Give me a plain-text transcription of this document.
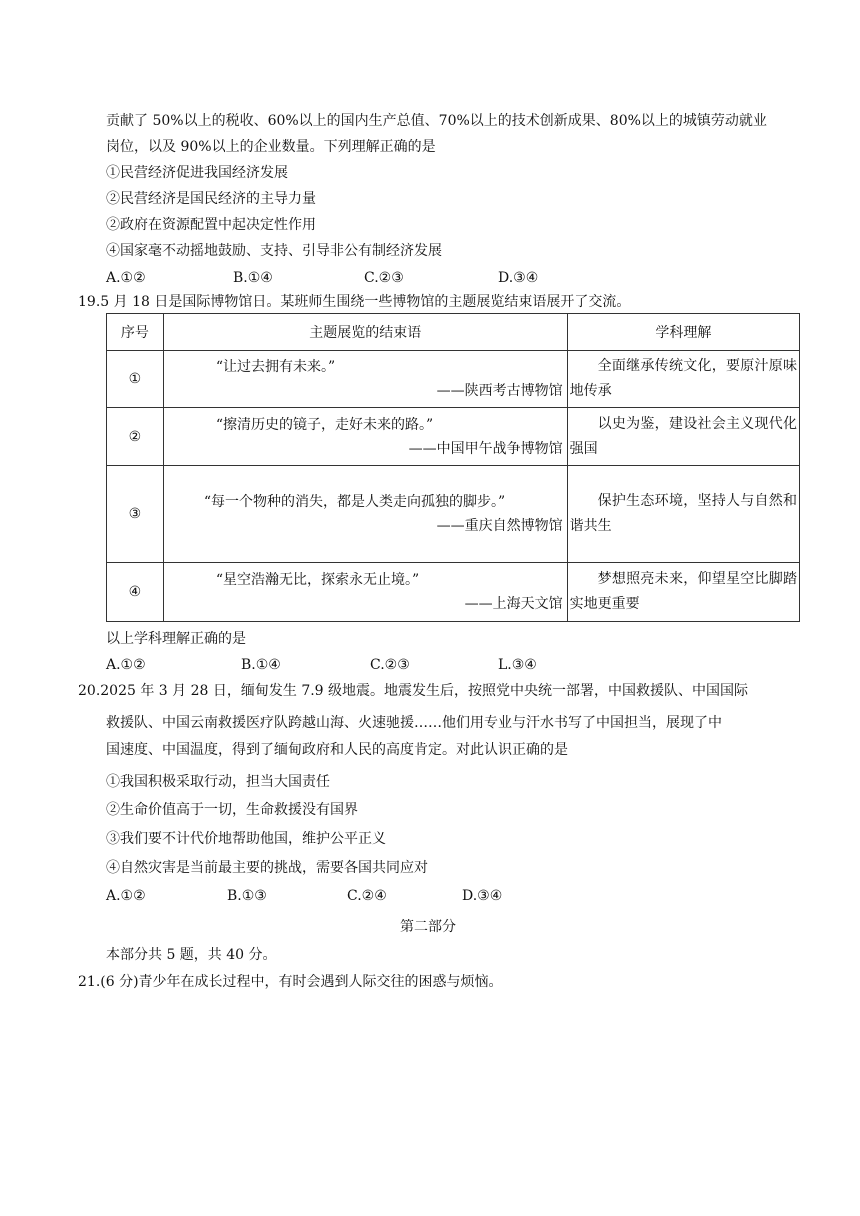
贡献了 50%以上的税收、60%以上的国内生产总值、70%以上的技术创新成果、80%以上的城镇劳动就业
岗位，以及 90%以上的企业数量。下列理解正确的是
①民营经济促进我国经济发展
②民营经济是国民经济的主导力量
②政府在资源配置中起决定性作用
④国家毫不动摇地鼓励、支持、引导非公有制经济发展
A.①②	B.①④	C.②③	D.③④
19.5 月 18 日是国际博物馆日。某班师生围绕一些博物馆的主题展览结束语展开了交流。
序号	主题展览的结束语	学科理解
①	“让过去拥有未来。”
——陕西考古博物馆	全面继承传统文化，要原汁原味地传承

②	“擦清历史的镜子，走好未来的路。”
——中国甲午战争博物馆	以史为鉴，建设社会主义现代化强国

③	“每一个物种的消失，都是人类走向孤独的脚步。”
——重庆自然博物馆	保护生态环境，坚持人与自然和谐共生

④	“星空浩瀚无比，探索永无止境。”
——上海天文馆	梦想照亮未来，仰望星空比脚踏实地更重要
以上学科理解正确的是
A.①②	B.①④	C.②③	L.③④
20.2025 年 3 月 28 日，缅甸发生 7.9 级地震。地震发生后，按照党中央统一部署，中国救援队、中国国际
救援队、中国云南救援医疗队跨越山海、火速驰援……他们用专业与汗水书写了中国担当，展现了中
国速度、中国温度，得到了缅甸政府和人民的高度肯定。对此认识正确的是
①我国积极采取行动，担当大国责任
②生命价值高于一切，生命救援没有国界
③我们要不计代价地帮助他国，维护公平正义
④自然灾害是当前最主要的挑战，需要各国共同应对
A.①②	B.①③	C.②④	D.③④
第二部分
本部分共 5 题，共 40 分。
21.(6 分)青少年在成长过程中，有时会遇到人际交往的困惑与烦恼。
